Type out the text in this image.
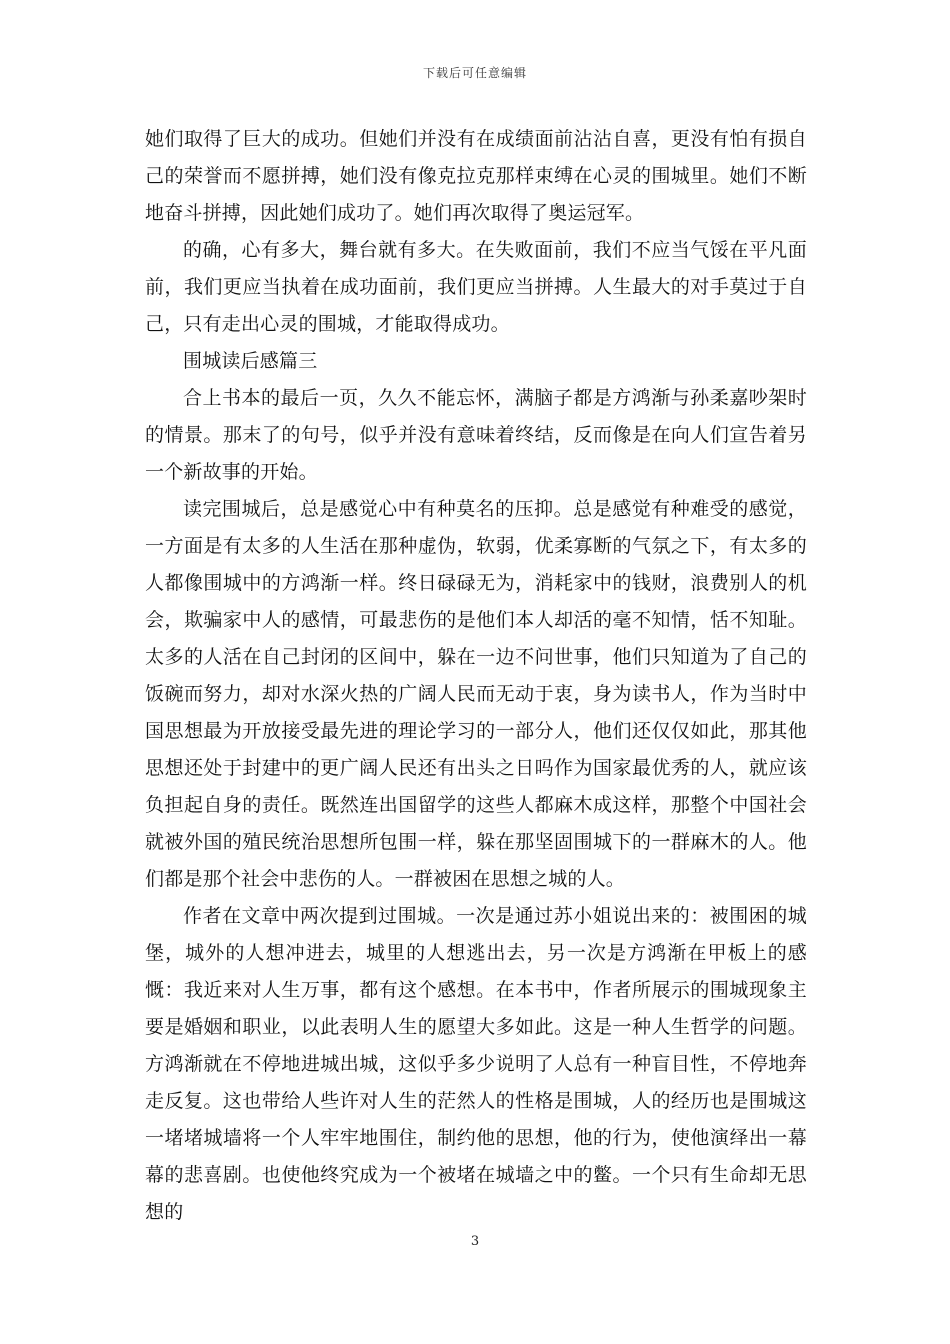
下载后可任意编辑

她们取得了巨大的成功。但她们并没有在成绩面前沾沾自喜，更没有怕有损自己的荣誉而不愿拼搏，她们没有像克拉克那样束缚在心灵的围城里。她们不断地奋斗拼搏，因此她们成功了。她们再次取得了奥运冠军。

的确，心有多大，舞台就有多大。在失败面前，我们不应当气馁在平凡面前，我们更应当执着在成功面前，我们更应当拼搏。人生最大的对手莫过于自己，只有走出心灵的围城，才能取得成功。

围城读后感篇三

合上书本的最后一页，久久不能忘怀，满脑子都是方鸿渐与孙柔嘉吵架时的情景。那末了的句号，似乎并没有意味着终结，反而像是在向人们宣告着另一个新故事的开始。

读完围城后，总是感觉心中有种莫名的压抑。总是感觉有种难受的感觉，一方面是有太多的人生活在那种虚伪，软弱，优柔寡断的气氛之下，有太多的人都像围城中的方鸿渐一样。终日碌碌无为，消耗家中的钱财，浪费别人的机会，欺骗家中人的感情，可最悲伤的是他们本人却活的毫不知情，恬不知耻。太多的人活在自己封闭的区间中，躲在一边不问世事，他们只知道为了自己的饭碗而努力，却对水深火热的广阔人民而无动于衷，身为读书人，作为当时中国思想最为开放接受最先进的理论学习的一部分人，他们还仅仅如此，那其他思想还处于封建中的更广阔人民还有出头之日吗作为国家最优秀的人，就应该负担起自身的责任。既然连出国留学的这些人都麻木成这样，那整个中国社会就被外国的殖民统治思想所包围一样，躲在那坚固围城下的一群麻木的人。他们都是那个社会中悲伤的人。一群被困在思想之城的人。

作者在文章中两次提到过围城。一次是通过苏小姐说出来的：被围困的城堡，城外的人想冲进去，城里的人想逃出去，另一次是方鸿渐在甲板上的感慨：我近来对人生万事，都有这个感想。在本书中，作者所展示的围城现象主要是婚姻和职业，以此表明人生的愿望大多如此。这是一种人生哲学的问题。方鸿渐就在不停地进城出城，这似乎多少说明了人总有一种盲目性，不停地奔走反复。这也带给人些许对人生的茫然人的性格是围城，人的经历也是围城这一堵堵城墙将一个人牢牢地围住，制约他的思想，他的行为，使他演绎出一幕幕的悲喜剧。也使他终究成为一个被堵在城墙之中的鳖。一个只有生命却无思想的

3
